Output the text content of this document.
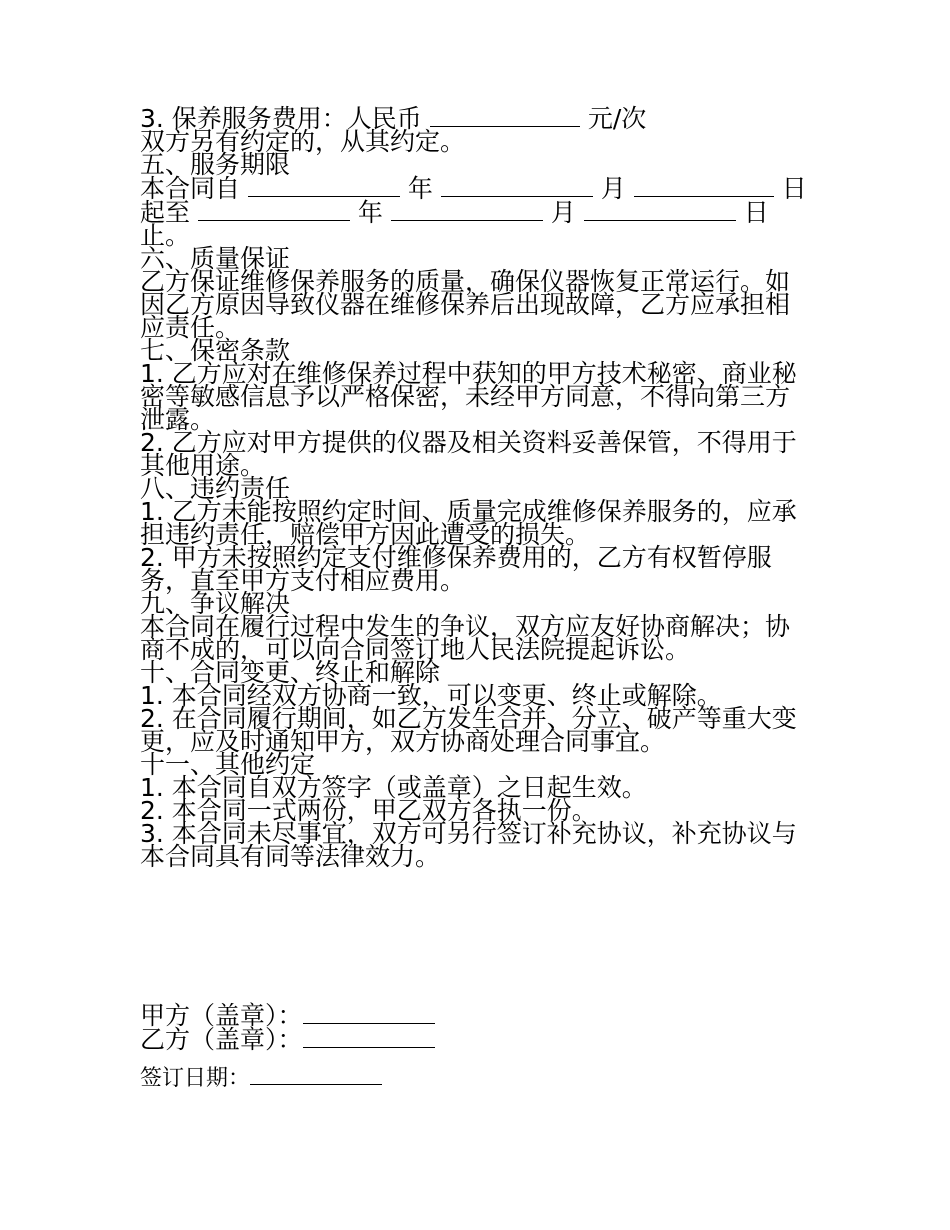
3. 保养服务费用：人民币	元/次

双方另有约定的，从其约定。

五、服务期限

本合同自	年	月	日起至	年	月	日止。

六、质量保证

乙方保证维修保养服务的质量，确保仪器恢复正常运行。如因乙方原因导致仪器在维修保养后出现故障，乙方应承担相应责任。

七、保密条款

1. 乙方应对在维修保养过程中获知的甲方技术秘密、商业秘密等敏感信息予以严格保密，未经甲方同意，不得向第三方泄露。

2. 乙方应对甲方提供的仪器及相关资料妥善保管，不得用于其他用途。

八、违约责任

1. 乙方未能按照约定时间、质量完成维修保养服务的，应承担违约责任，赔偿甲方因此遭受的损失。

2. 甲方未按照约定支付维修保养费用的，乙方有权暂停服务，直至甲方支付相应费用。

九、争议解决

本合同在履行过程中发生的争议，双方应友好协商解决；协商不成的，可以向合同签订地人民法院提起诉讼。

十、合同变更、终止和解除

1. 本合同经双方协商一致，可以变更、终止或解除。

2. 在合同履行期间，如乙方发生合并、分立、破产等重大变更，应及时通知甲方，双方协商处理合同事宜。

十一、其他约定

1. 本合同自双方签字（或盖章）之日起生效。

2. 本合同一式两份，甲乙双方各执一份。

3. 本合同未尽事宜，双方可另行签订补充协议，补充协议与本合同具有同等法律效力。

甲方（盖章）：

乙方（盖章）：

签订日期：
